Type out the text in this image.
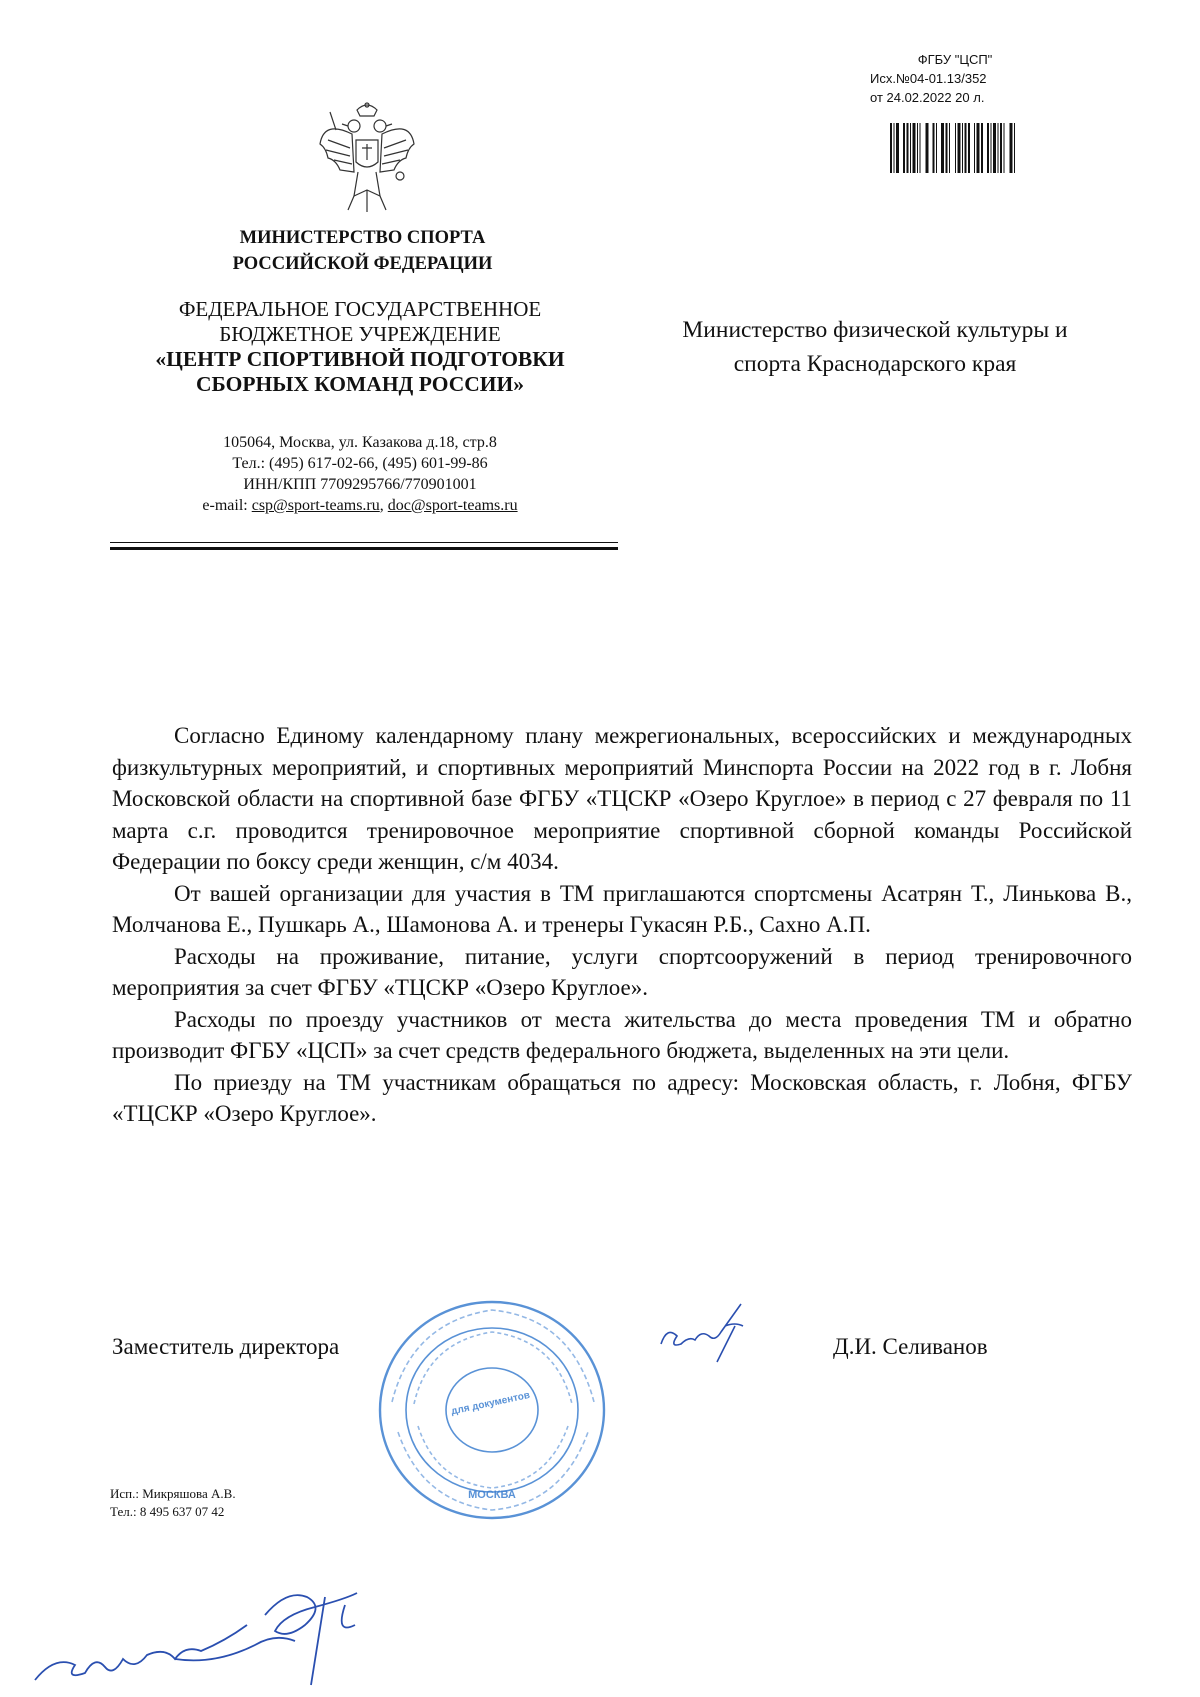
ФГБУ "ЦСП"
Исх.№04-01.13/352
от 24.02.2022 20 л.
МИНИСТЕРСТВО СПОРТА
РОССИЙСКОЙ ФЕДЕРАЦИИ
ФЕДЕРАЛЬНОЕ ГОСУДАРСТВЕННОЕ
БЮДЖЕТНОЕ УЧРЕЖДЕНИЕ
«ЦЕНТР СПОРТИВНОЙ ПОДГОТОВКИ
СБОРНЫХ КОМАНД РОССИИ»
105064, Москва, ул. Казакова д.18, стр.8
Тел.: (495) 617-02-66, (495) 601-99-86
ИНН/КПП 7709295766/770901001
e-mail: csp@sport-teams.ru, doc@sport-teams.ru
Министерство физической культуры и
спорта Краснодарского края

Согласно Единому календарному плану межрегиональных, всероссийских и международных физкультурных мероприятий, и спортивных мероприятий Минспорта России на 2022 год в г. Лобня Московской области на спортивной базе ФГБУ «ТЦСКР «Озеро Круглое» в период с 27 февраля по 11 марта с.г. проводится тренировочное мероприятие спортивной сборной команды Российской Федерации по боксу среди женщин, с/м 4034.

От вашей организации для участия в ТМ приглашаются спортсмены Асатрян Т., Линькова В., Молчанова Е., Пушкарь А., Шамонова А. и тренеры Гукасян Р.Б., Сахно А.П.

Расходы на проживание, питание, услуги спортсооружений в период тренировочного мероприятия за счет ФГБУ «ТЦСКР «Озеро Круглое».

Расходы по проезду участников от места жительства до места проведения ТМ и обратно производит ФГБУ «ЦСП» за счет средств федерального бюджета, выделенных на эти цели.

По приезду на ТМ участникам обращаться по адресу: Московская область, г. Лобня, ФГБУ «ТЦСКР «Озеро Круглое».

для документов
МОСКВА
Заместитель директора	Д.И. Селиванов
Исп.: Микряшова А.В.
Тел.: 8 495 637 07 42
